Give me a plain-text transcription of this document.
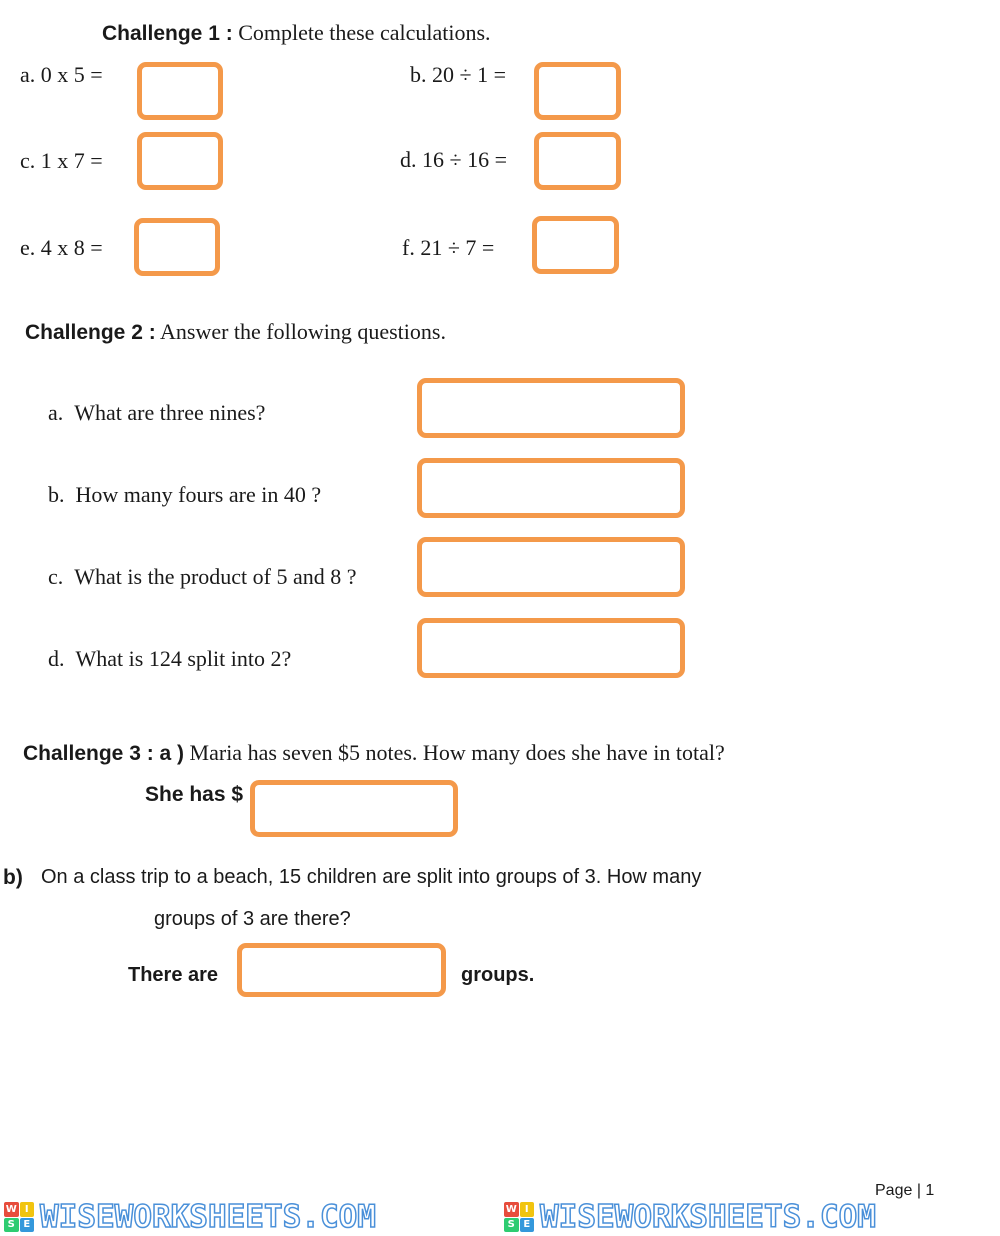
Challenge 1 : Complete these calculations.
a. 0 x 5 =	b. 20 ÷ 1 =
c. 1 x 7 =	d. 16 ÷ 16 =
e. 4 x 8 =	f. 21 ÷ 7 =
Challenge 2 : Answer the following questions.
a. What are three nines?
b. How many fours are in 40 ?
c. What is the product of 5 and 8 ?
d. What is 124 split into 2?
Challenge 3 : a ) Maria has seven $5 notes. How many does she have in total?
She has $
b) On a class trip to a beach, 15 children are split into groups of 3. How many
groups of 3 are there?
There are	groups.
Page | 1
W I
S E WISEWORKSHEETS.COM	W I
S E WISEWORKSHEETS.COM
